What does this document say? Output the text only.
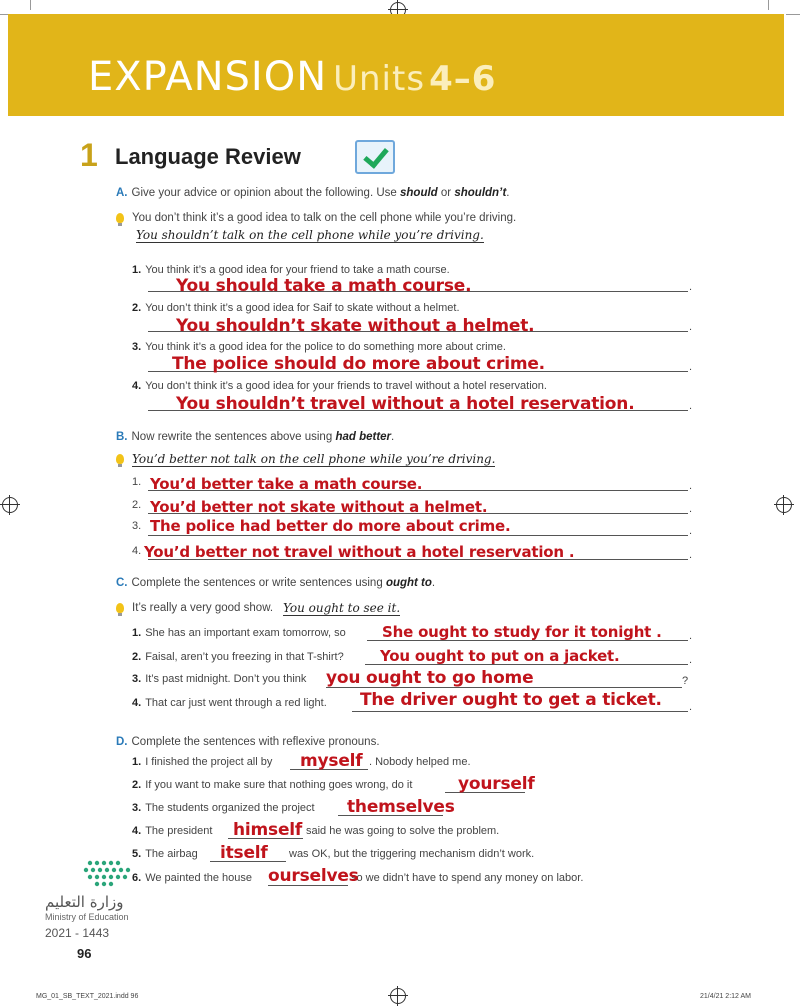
EXPANSION Units 4–6
1 Language Review
A. Give your advice or opinion about the following. Use should or shouldn’t.
You don’t think it’s a good idea to talk on the cell phone while you’re driving.
You shouldn’t talk on the cell phone while you’re driving.
1. You think it’s a good idea for your friend to take a math course.
.
You should take a math course.
2. You don’t think it’s a good idea for Saif to skate without a helmet.
.
You shouldn’t skate without a helmet.
3. You think it’s a good idea for the police to do something more about crime.
.
The police should do more about crime.
4. You don’t think it’s a good idea for your friends to travel without a hotel reservation.
.
You shouldn’t travel without a hotel reservation.
B. Now rewrite the sentences above using had better.
You’d better not talk on the cell phone while you’re driving.
1.	.
You’d better take a math course.
2.	.
You’d better not skate without a helmet.
3.	.
The police had better do more about crime.
4.	.
You’d better not travel without a hotel reservation .
C. Complete the sentences or write sentences using ought to.
It’s really a very good show. You ought to see it.
1. She has an important exam tomorrow, so	.
She ought to study for it tonight .
2. Faisal, aren’t you freezing in that T-shirt?	.
You ought to put on a jacket.
3. It’s past midnight. Don’t you think	?
you ought to go home
4. That car just went through a red light.	.
The driver ought to get a ticket.
D. Complete the sentences with reflexive pronouns.
1. I finished the project all by	. Nobody helped me.
myself
2. If you want to make sure that nothing goes wrong, do it	yourself
3. The students organized the project themselves
4. The president	said he was going to solve the problem.
himself
5. The airbag	was OK, but the triggering mechanism didn’t work.
itself
6. We painted the house	so we didn’t have to spend any money on labor.
ourselves
وزارة التعليم
Ministry of Education
2021 - 1443
96
MG_01_SB_TEXT_2021.indd 96	21/4/21 2:12 AM
